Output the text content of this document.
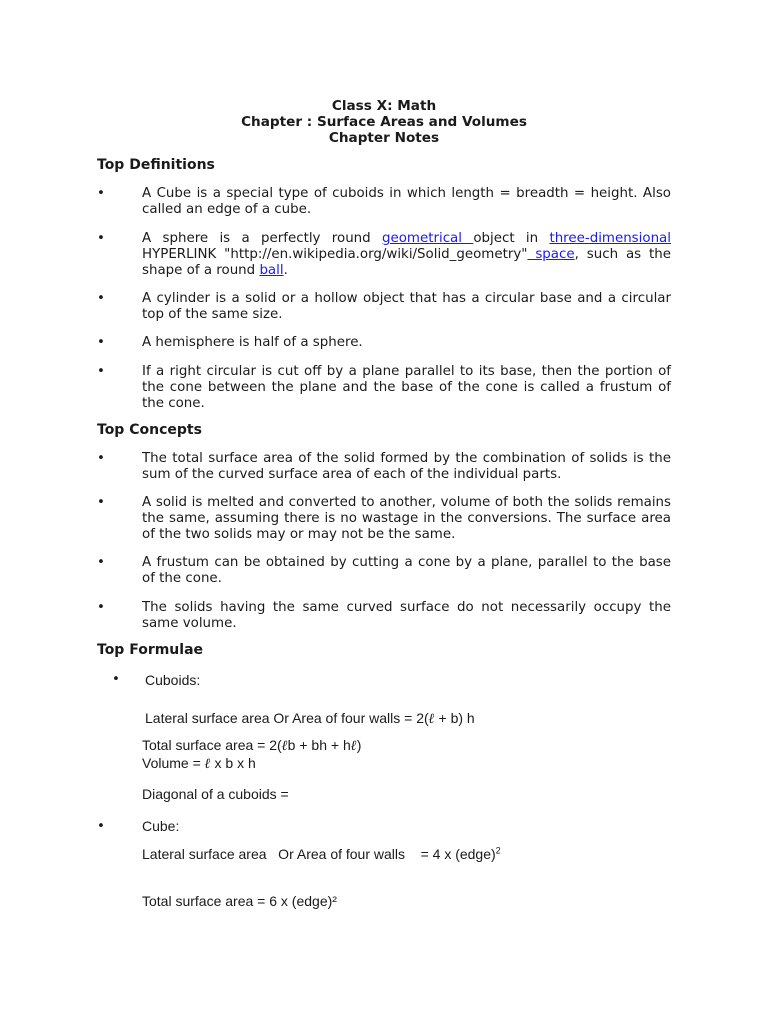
Class X: Math
Chapter : Surface Areas and Volumes
Chapter Notes
Top Definitions
•	A Cube is a special type of cuboids in which length = breadth = height. Also called an edge of a cube.
•	A sphere is a perfectly round geometrical object in three-dimensional HYPERLINK "http://en.wikipedia.org/wiki/Solid_geometry" space, such as the shape of a round ball.
•	A cylinder is a solid or a hollow object that has a circular base and a circular top of the same size.
•	A hemisphere is half of a sphere.
•	If a right circular is cut off by a plane parallel to its base, then the portion of the cone between the plane and the base of the cone is called a frustum of the cone.
Top Concepts
•	The total surface area of the solid formed by the combination of solids is the sum of the curved surface area of each of the individual parts.
•	A solid is melted and converted to another, volume of both the solids remains the same, assuming there is no wastage in the conversions. The surface area of the two solids may or may not be the same.
•	A frustum can be obtained by cutting a cone by a plane, parallel to the base of the cone.
•	The solids having the same curved surface do not necessarily occupy the same volume.
Top Formulae
• Cuboids:
Lateral surface area Or Area of four walls = 2(ℓ + b) h
Total surface area = 2(ℓb + bh + hℓ)
Volume = ℓ x b x h
Diagonal of a cuboids =
•	Cube:
Lateral surface area   Or Area of four walls    = 4 x (edge)$^2$
Total surface area = 6 x (edge)²
